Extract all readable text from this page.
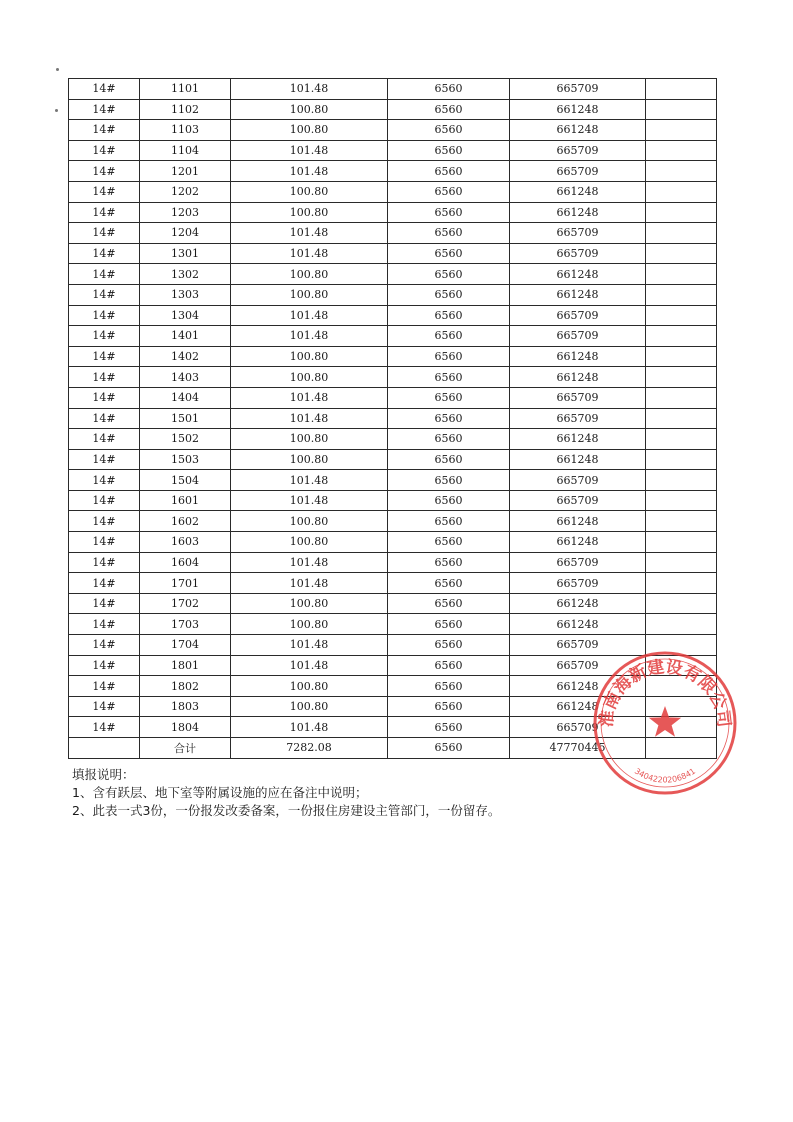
14#	1101	101.48	6560	665709	
14#	1102	100.80	6560	661248	
14#	1103	100.80	6560	661248	
14#	1104	101.48	6560	665709	
14#	1201	101.48	6560	665709	
14#	1202	100.80	6560	661248	
14#	1203	100.80	6560	661248	
14#	1204	101.48	6560	665709	
14#	1301	101.48	6560	665709	
14#	1302	100.80	6560	661248	
14#	1303	100.80	6560	661248	
14#	1304	101.48	6560	665709	
14#	1401	101.48	6560	665709	
14#	1402	100.80	6560	661248	
14#	1403	100.80	6560	661248	
14#	1404	101.48	6560	665709	
14#	1501	101.48	6560	665709	
14#	1502	100.80	6560	661248	
14#	1503	100.80	6560	661248	
14#	1504	101.48	6560	665709	
14#	1601	101.48	6560	665709	
14#	1602	100.80	6560	661248	
14#	1603	100.80	6560	661248	
14#	1604	101.48	6560	665709	
14#	1701	101.48	6560	665709	
14#	1702	100.80	6560	661248	
14#	1703	100.80	6560	661248	
14#	1704	101.48	6560	665709	
14#	1801	101.48	6560	665709	
14#	1802	100.80	6560	661248	
14#	1803	100.80	6560	661248	
14#	1804	101.48	6560	665709	
	合计	7282.08	6560	47770445	
填报说明：
1、含有跃层、地下室等附属设施的应在备注中说明；
2、此表一式3份，一份报发改委备案，一份报住房建设主管部门，一份留存。
淮南海新建设有限公司
3404220206841
